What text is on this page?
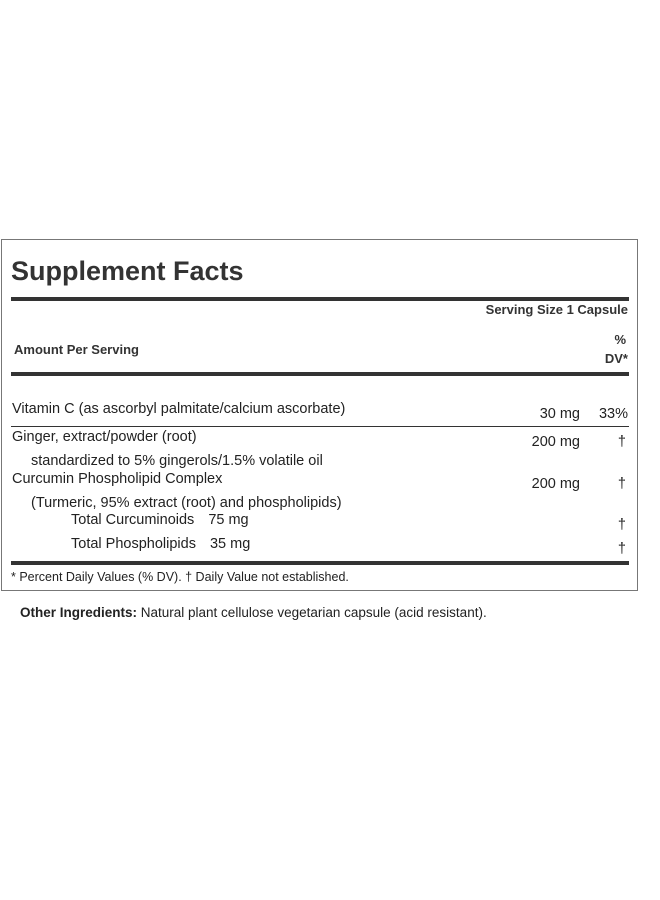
Supplement Facts
Serving Size 1 Capsule
Amount Per Serving
%
DV*
Vitamin C (as ascorbyl palmitate/calcium ascorbate)	30 mg 33%
Ginger, extract/powder (root)	200 mg	†
standardized to 5% gingerols/1.5% volatile oil
Curcumin Phospholipid Complex	200 mg	†
(Turmeric, 95% extract (root) and phospholipids)
Total Curcuminoids 75 mg	†
Total Phospholipids 35 mg	†
* Percent Daily Values (% DV). † Daily Value not established.
Other Ingredients: Natural plant cellulose vegetarian capsule (acid resistant).
